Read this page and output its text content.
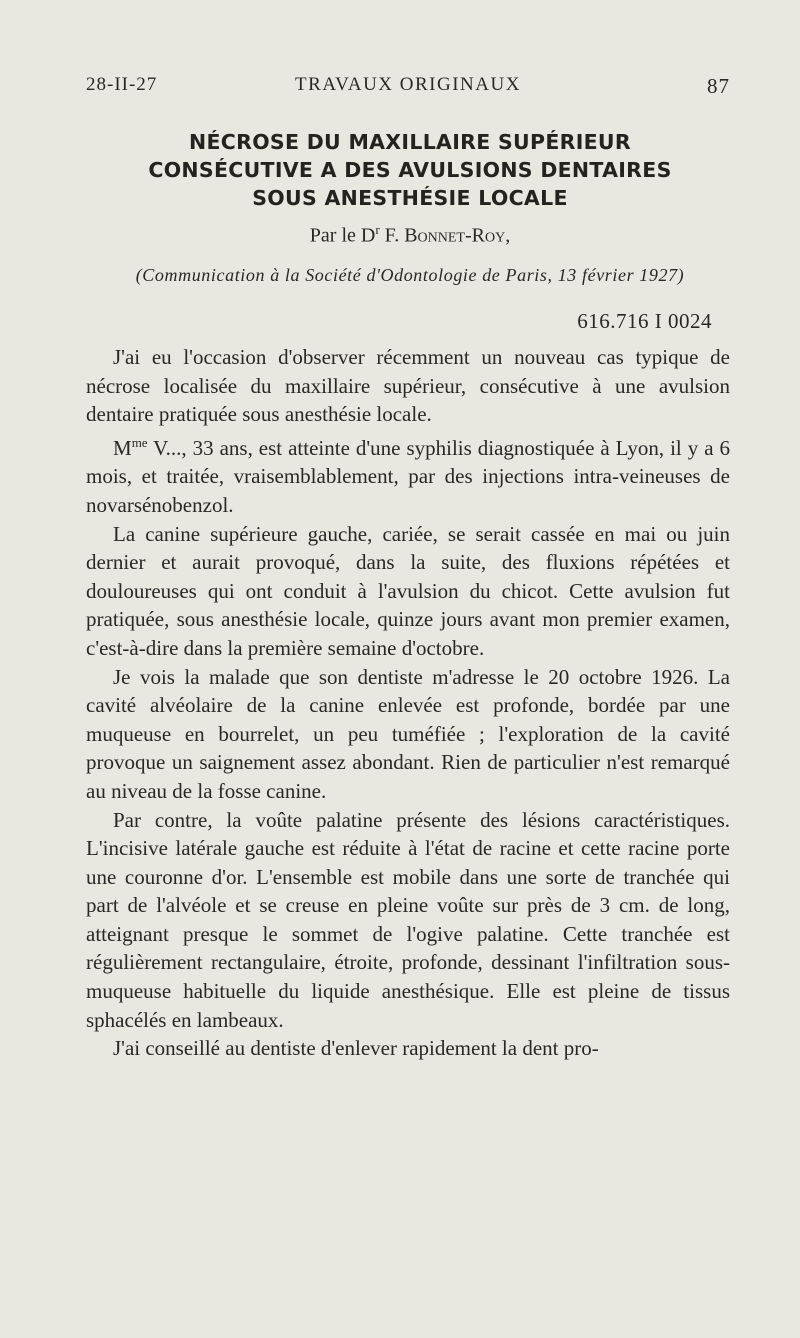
28-II-27	TRAVAUX ORIGINAUX	87
NÉCROSE DU MAXILLAIRE SUPÉRIEUR
CONSÉCUTIVE A DES AVULSIONS DENTAIRES
SOUS ANESTHÉSIE LOCALE
Par le $D^r$ F. Bonnet-Roy,
(Communication à la Société d'Odontologie de Paris, 13 février 1927)
616.716 I 0024

J'ai eu l'occasion d'observer récemment un nouveau cas typique de nécrose localisée du maxillaire supérieur, consécutive à une avulsion dentaire pratiquée sous anesthésie locale.

$M^{me}$ V..., 33 ans, est atteinte d'une syphilis diagnostiquée à Lyon, il y a 6 mois, et traitée, vraisemblablement, par des injections intra-veineuses de novarsénobenzol.

La canine supérieure gauche, cariée, se serait cassée en mai ou juin dernier et aurait provoqué, dans la suite, des fluxions répétées et douloureuses qui ont conduit à l'avulsion du chicot. Cette avulsion fut pratiquée, sous anesthésie locale, quinze jours avant mon premier examen, c'est-à-dire dans la première semaine d'octobre.

Je vois la malade que son dentiste m'adresse le 20 octobre 1926. La cavité alvéolaire de la canine enlevée est profonde, bordée par une muqueuse en bourrelet, un peu tuméfiée ; l'exploration de la cavité provoque un saignement assez abondant. Rien de particulier n'est remarqué au niveau de la fosse canine.

Par contre, la voûte palatine présente des lésions caractéristiques. L'incisive latérale gauche est réduite à l'état de racine et cette racine porte une couronne d'or. L'ensemble est mobile dans une sorte de tranchée qui part de l'alvéole et se creuse en pleine voûte sur près de 3 cm. de long, atteignant presque le sommet de l'ogive palatine. Cette tranchée est régulièrement rectangulaire, étroite, profonde, dessinant l'infiltration sous-muqueuse habituelle du liquide anesthésique. Elle est pleine de tissus sphacélés en lambeaux.

J'ai conseillé au dentiste d'enlever rapidement la dent pro-
